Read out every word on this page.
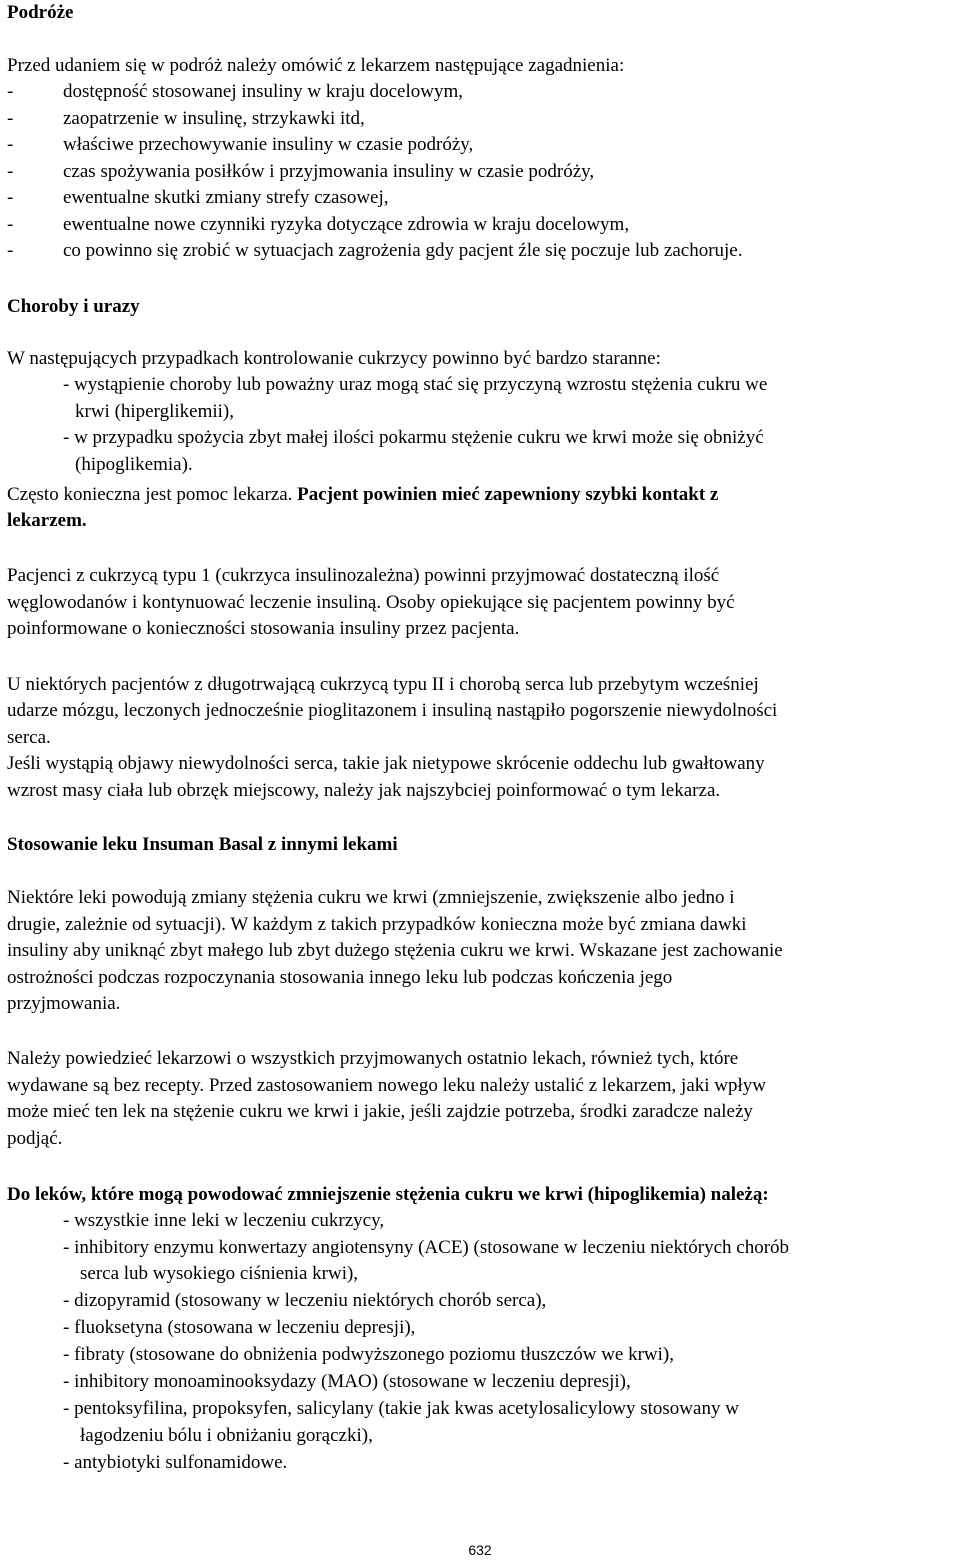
Podróże
Przed udaniem się w podróż należy omówić z lekarzem następujące zagadnienia:
-	dostępność stosowanej insuliny w kraju docelowym,
-	zaopatrzenie w insulinę, strzykawki itd,
-	właściwe przechowywanie insuliny w czasie podróży,
-	czas spożywania posiłków i przyjmowania insuliny w czasie podróży,
-	ewentualne skutki zmiany strefy czasowej,
-	ewentualne nowe czynniki ryzyka dotyczące zdrowia w kraju docelowym,
-	co powinno się zrobić w sytuacjach zagrożenia gdy pacjent źle się poczuje lub zachoruje.
Choroby i urazy
W następujących przypadkach kontrolowanie cukrzycy powinno być bardzo staranne:
- wystąpienie choroby lub poważny uraz mogą stać się przyczyną wzrostu stężenia cukru we
krwi (hiperglikemii),
- w przypadku spożycia zbyt małej ilości pokarmu stężenie cukru we krwi może się obniżyć
(hipoglikemia).
Często konieczna jest pomoc lekarza. Pacjent powinien mieć zapewniony szybki kontakt z
lekarzem.
Pacjenci z cukrzycą typu 1 (cukrzyca insulinozależna) powinni przyjmować dostateczną ilość
węglowodanów i kontynuować leczenie insuliną. Osoby opiekujące się pacjentem powinny być
poinformowane o konieczności stosowania insuliny przez pacjenta.
U niektórych pacjentów z długotrwającą cukrzycą typu II i chorobą serca lub przebytym wcześniej
udarze mózgu, leczonych jednocześnie pioglitazonem i insuliną nastąpiło pogorszenie niewydolności
serca.
Jeśli wystąpią objawy niewydolności serca, takie jak nietypowe skrócenie oddechu lub gwałtowany
wzrost masy ciała lub obrzęk miejscowy, należy jak najszybciej poinformować o tym lekarza.
Stosowanie leku Insuman Basal z innymi lekami
Niektóre leki powodują zmiany stężenia cukru we krwi (zmniejszenie, zwiększenie albo jedno i
drugie, zależnie od sytuacji). W każdym z takich przypadków konieczna może być zmiana dawki
insuliny aby uniknąć zbyt małego lub zbyt dużego stężenia cukru we krwi. Wskazane jest zachowanie
ostrożności podczas rozpoczynania stosowania innego leku lub podczas kończenia jego
przyjmowania.
Należy powiedzieć lekarzowi o wszystkich przyjmowanych ostatnio lekach, również tych, które
wydawane są bez recepty. Przed zastosowaniem nowego leku należy ustalić z lekarzem, jaki wpływ
może mieć ten lek na stężenie cukru we krwi i jakie, jeśli zajdzie potrzeba, środki zaradcze należy
podjąć.
Do leków, które mogą powodować zmniejszenie stężenia cukru we krwi (hipoglikemia) należą:
- wszystkie inne leki w leczeniu cukrzycy,
- inhibitory enzymu konwertazy angiotensyny (ACE) (stosowane w leczeniu niektórych chorób
serca lub wysokiego ciśnienia krwi),
- dizopyramid (stosowany w leczeniu niektórych chorób serca),
- fluoksetyna (stosowana w leczeniu depresji),
- fibraty (stosowane do obniżenia podwyższonego poziomu tłuszczów we krwi),
- inhibitory monoaminooksydazy (MAO) (stosowane w leczeniu depresji),
- pentoksyfilina, propoksyfen, salicylany (takie jak kwas acetylosalicylowy stosowany w
łagodzeniu bólu i obniżaniu gorączki),
- antybiotyki sulfonamidowe.
632
